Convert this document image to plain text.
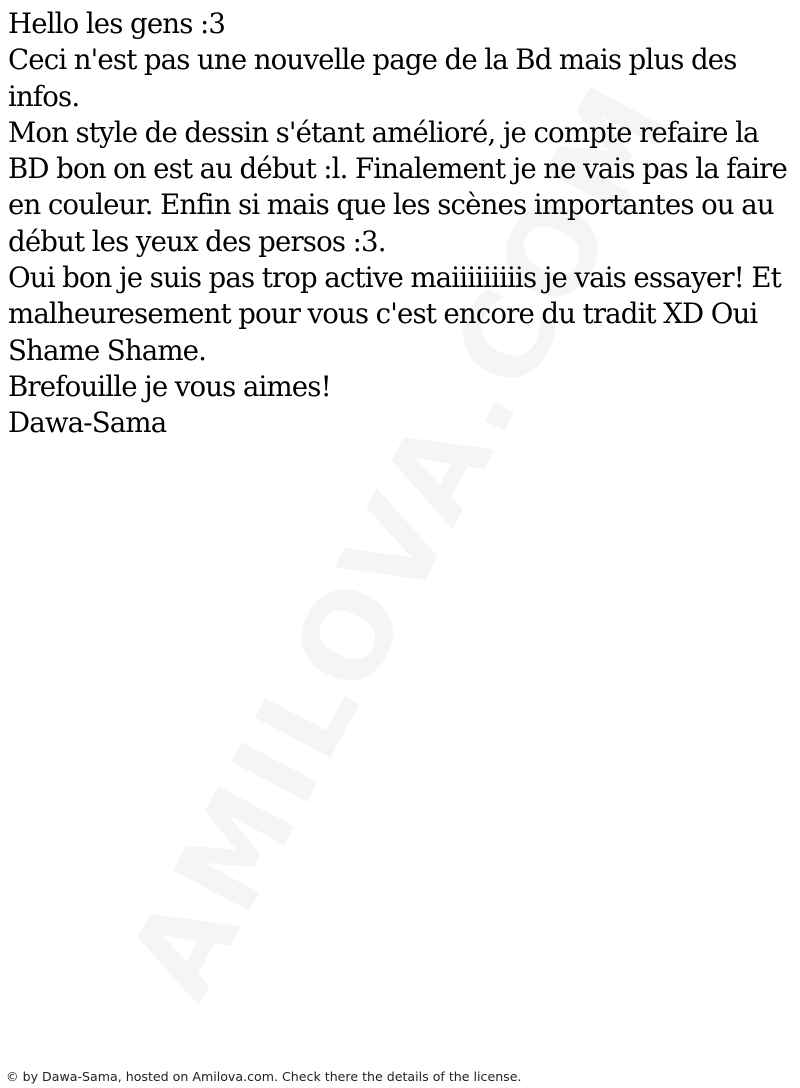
Hello les gens :3
Ceci n'est pas une nouvelle page de la Bd mais plus des
infos.
Mon style de dessin s'étant amélioré, je compte refaire la
BD bon on est au début :l. Finalement je ne vais pas la faire
en couleur. Enfin si mais que les scènes importantes ou au
début les yeux des persos :3.
Oui bon je suis pas trop active maiiiiiiiiis je vais essayer! Et
malheuresement pour vous c'est encore du tradit XD Oui
Shame Shame.
Brefouille je vous aimes!
Dawa-Sama
© by Dawa-Sama, hosted on Amilova.com. Check there the details of the license.
